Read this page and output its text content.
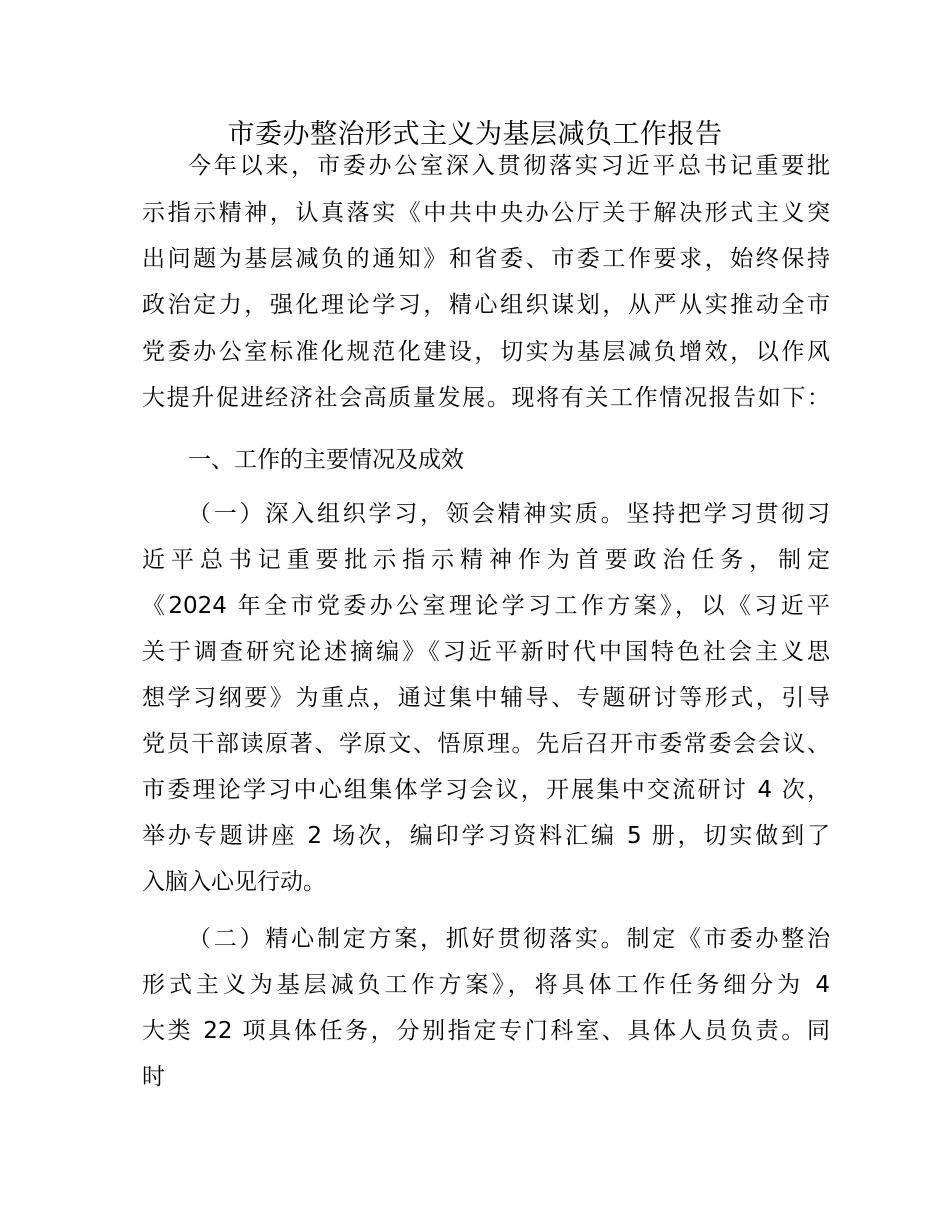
市委办整治形式主义为基层减负工作报告
今年以来，市委办公室深入贯彻落实习近平总书记重要批
示指示精神，认真落实《中共中央办公厅关于解决形式主义突
出问题为基层减负的通知》和省委、市委工作要求，始终保持
政治定力，强化理论学习，精心组织谋划，从严从实推动全市
党委办公室标准化规范化建设，切实为基层减负增效，以作风
大提升促进经济社会高质量发展。现将有关工作情况报告如下：
一、工作的主要情况及成效
（一）深入组织学习，领会精神实质。坚持把学习贯彻习
近平总书记重要批示指示精神作为首要政治任务，制定
《2024 年全市党委办公室理论学习工作方案》，以《习近平
关于调查研究论述摘编》《习近平新时代中国特色社会主义思
想学习纲要》为重点，通过集中辅导、专题研讨等形式，引导
党员干部读原著、学原文、悟原理。先后召开市委常委会会议、
市委理论学习中心组集体学习会议，开展集中交流研讨 4 次，
举办专题讲座 2 场次，编印学习资料汇编 5 册，切实做到了
入脑入心见行动。
（二）精心制定方案，抓好贯彻落实。制定《市委办整治
形式主义为基层减负工作方案》，将具体工作任务细分为 4
大类 22 项具体任务，分别指定专门科室、具体人员负责。同
时
